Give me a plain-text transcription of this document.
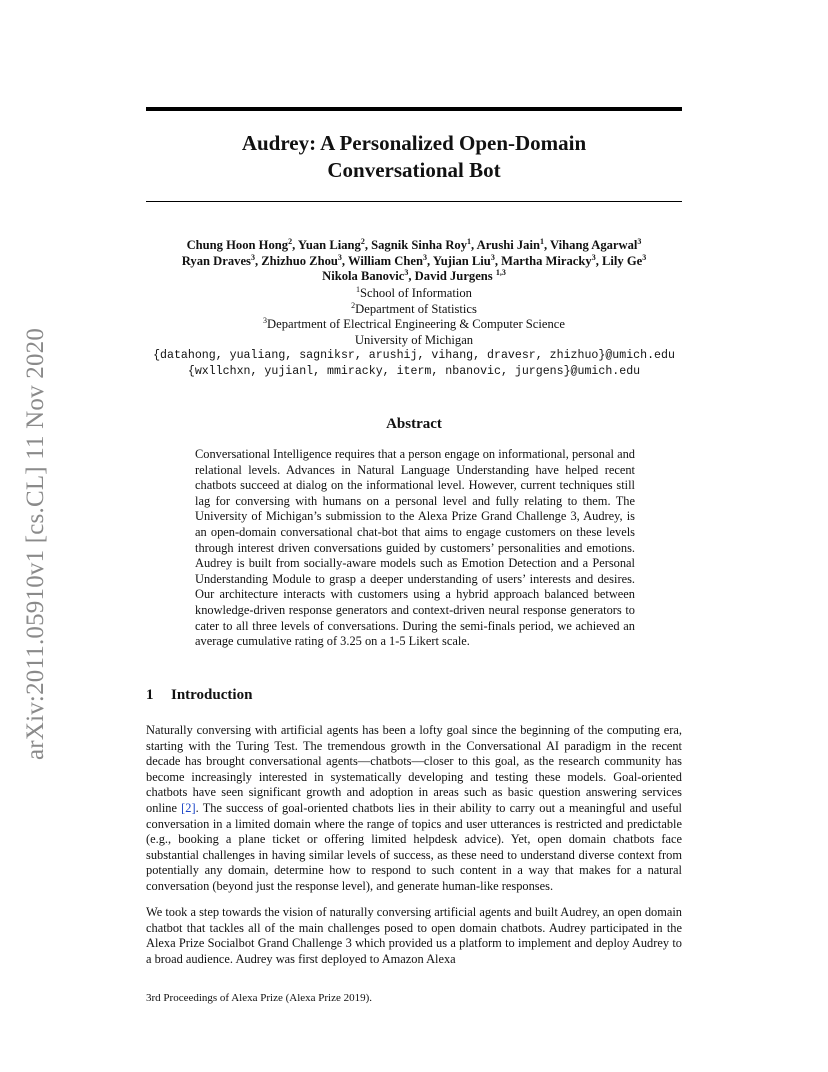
arXiv:2011.05910v1 [cs.CL] 11 Nov 2020
Audrey: A Personalized Open-Domain
Conversational Bot
Chung Hoon Hong$^2$, Yuan Liang$^2$, Sagnik Sinha Roy$^1$, Arushi Jain$^1$, Vihang Agarwal$^3$
Ryan Draves$^3$, Zhizhuo Zhou$^3$, William Chen$^3$, Yujian Liu$^3$, Martha Miracky$^3$, Lily Ge$^3$
Nikola Banovic$^3$, David Jurgens $^{1,3}$
$^1$School of Information
$^2$Department of Statistics
$^3$Department of Electrical Engineering & Computer Science
University of Michigan
{datahong, yualiang, sagniksr, arushij, vihang, dravesr, zhizhuo}@umich.edu
{wxllchxn, yujianl, mmiracky, iterm, nbanovic, jurgens}@umich.edu
Abstract
Conversational Intelligence requires that a person engage on informational, personal and relational levels. Advances in Natural Language Understanding have helped recent chatbots succeed at dialog on the informational level. However, current techniques still lag for conversing with humans on a personal level and fully relating to them. The University of Michigan’s submission to the Alexa Prize Grand Challenge 3, Audrey, is an open-domain conversational chat-bot that aims to engage customers on these levels through interest driven conversations guided by customers’ personalities and emotions. Audrey is built from socially-aware models such as Emotion Detection and a Personal Understanding Module to grasp a deeper understanding of users’ interests and desires. Our architecture interacts with customers using a hybrid approach balanced between knowledge-driven response generators and context-driven neural response generators to cater to all three levels of conversations. During the semi-finals period, we achieved an average cumulative rating of 3.25 on a 1-5 Likert scale.
1 Introduction
Naturally conversing with artificial agents has been a lofty goal since the beginning of the computing era, starting with the Turing Test. The tremendous growth in the Conversational AI paradigm in the recent decade has brought conversational agents—chatbots—closer to this goal, as the research community has become increasingly interested in systematically developing and testing these models. Goal-oriented chatbots have seen significant growth and adoption in areas such as basic question answering services online [2]. The success of goal-oriented chatbots lies in their ability to carry out a meaningful and useful conversation in a limited domain where the range of topics and user utterances is restricted and predictable (e.g., booking a plane ticket or offering limited helpdesk advice). Yet, open domain chatbots face substantial challenges in having similar levels of success, as these need to understand diverse context from potentially any domain, determine how to respond to such content in a way that makes for a natural conversation (beyond just the response level), and generate human-like responses.
We took a step towards the vision of naturally conversing artificial agents and built Audrey, an open domain chatbot that tackles all of the main challenges posed to open domain chatbots. Audrey participated in the Alexa Prize Socialbot Grand Challenge 3 which provided us a platform to implement and deploy Audrey to a broad audience. Audrey was first deployed to Amazon Alexa
3rd Proceedings of Alexa Prize (Alexa Prize 2019).
